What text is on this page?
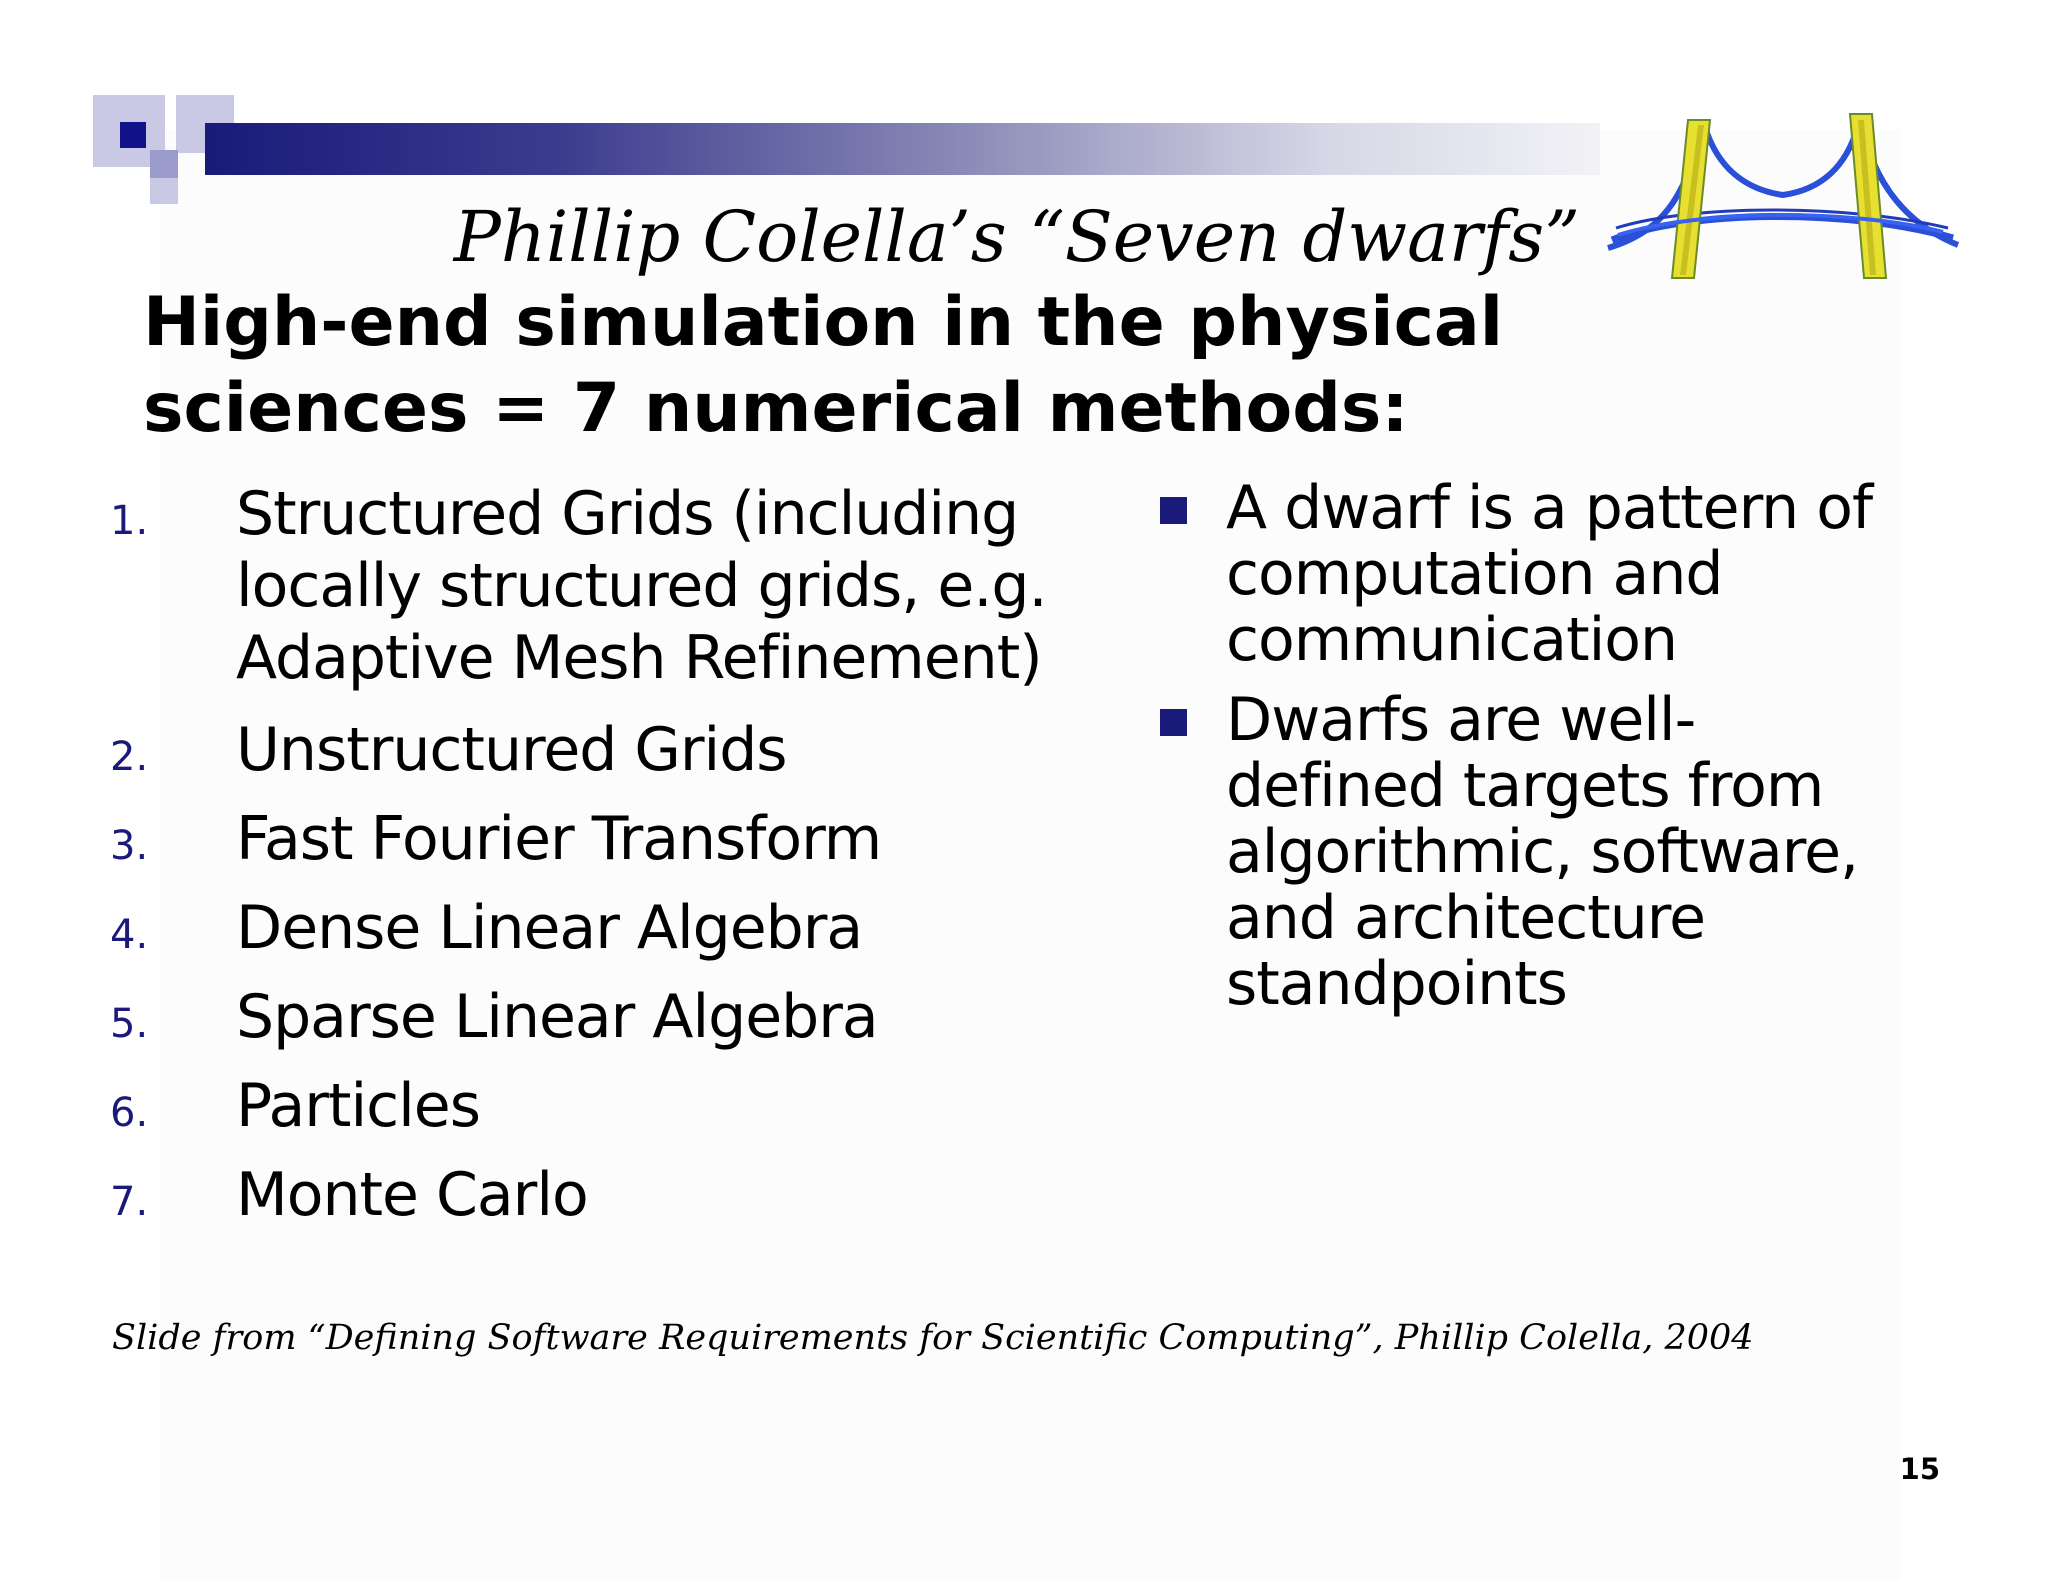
Phillip Colella’s “Seven dwarfs”
High-end simulation in the physical
sciences = 7 numerical methods:
1. Structured Grids (including
locally structured grids, e.g.
Adaptive Mesh Refinement)
2. Unstructured Grids
3. Fast Fourier Transform
4. Dense Linear Algebra
5. Sparse Linear Algebra
6. Particles
7. Monte Carlo
A dwarf is a pattern of
computation and
communication
Dwarfs are well-
defined targets from
algorithmic, software,
and architecture
standpoints
Slide from “Defining Software Requirements for Scientific Computing”, Phillip Colella, 2004
15
